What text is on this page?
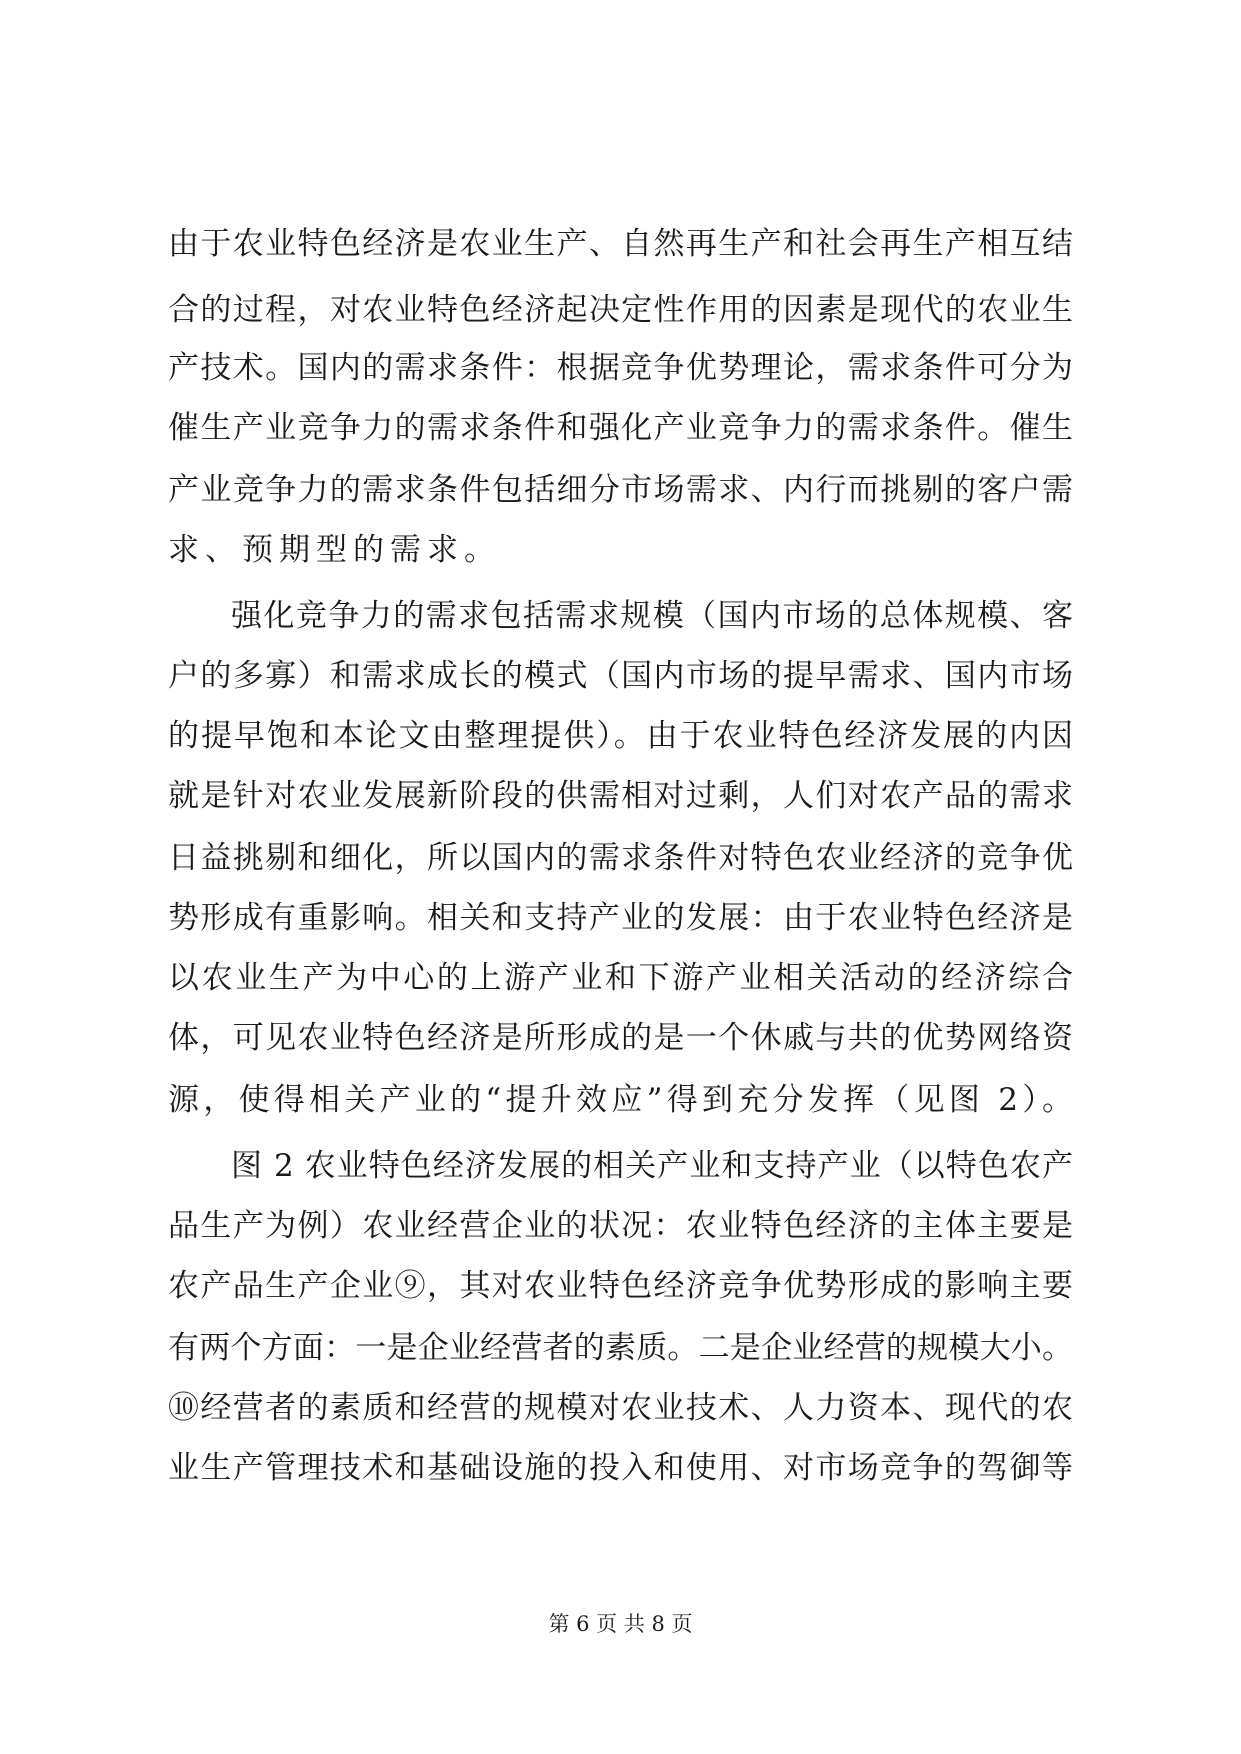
由于农业特色经济是农业生产、自然再生产和社会再生产相互结
合的过程，对农业特色经济起决定性作用的因素是现代的农业生
产技术。国内的需求条件：根据竞争优势理论，需求条件可分为
催生产业竞争力的需求条件和强化产业竞争力的需求条件。催生
产业竞争力的需求条件包括细分市场需求、内行而挑剔的客户需
求、预期型的需求。
强化竞争力的需求包括需求规模（国内市场的总体规模、客
户的多寡）和需求成长的模式（国内市场的提早需求、国内市场
的提早饱和本论文由整理提供）。由于农业特色经济发展的内因
就是针对农业发展新阶段的供需相对过剩，人们对农产品的需求
日益挑剔和细化，所以国内的需求条件对特色农业经济的竞争优
势形成有重影响。相关和支持产业的发展：由于农业特色经济是
以农业生产为中心的上游产业和下游产业相关活动的经济综合
体，可见农业特色经济是所形成的是一个休戚与共的优势网络资
源，使得相关产业的“提升效应”得到充分发挥（见图 2）。
图 2 农业特色经济发展的相关产业和支持产业（以特色农产
品生产为例）农业经营企业的状况：农业特色经济的主体主要是
农产品生产企业⑨，其对农业特色经济竞争优势形成的影响主要
有两个方面：一是企业经营者的素质。二是企业经营的规模大小。
⑩经营者的素质和经营的规模对农业技术、人力资本、现代的农
业生产管理技术和基础设施的投入和使用、对市场竞争的驾御等
第 6 页 共 8 页
